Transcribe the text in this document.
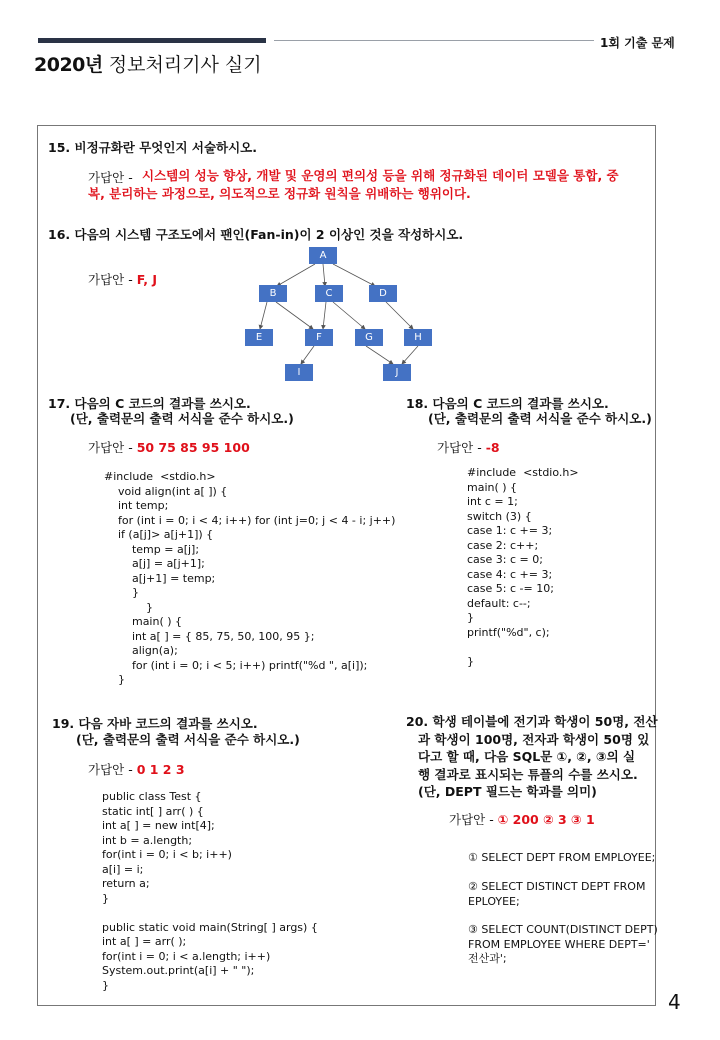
1회 기출 문제
2020년 정보처리기사 실기
15. 비정규화란 무엇인지 서술하시오.
가답안 - 시스템의 성능 향상, 개발 및 운영의 편의성 등을 위해 정규화된 데이터 모델을 통합, 중
복, 분리하는 과정으로, 의도적으로 정규화 원칙을 위배하는 행위이다.
16. 다음의 시스템 구조도에서 팬인(Fan-in)이 2 이상인 것을 작성하시오.
가답안 - F, J
A
B	C	D
E	F	G	H
I	J
17. 다음의 C 코드의 결과를 쓰시오.
(단, 출력문의 출력 서식을 준수 하시오.)
가답안 - 50 75 85 95 100
#include  <stdio.h>
void align(int a[ ]) {
int temp;
for (int i = 0; i < 4; i++) for (int j=0; j < 4 - i; j++)
if (a[j]> a[j+1]) {
temp = a[j];
a[j] = a[j+1];
a[j+1] = temp;
}
}
main( ) {
int a[ ] = { 85, 75, 50, 100, 95 };
align(a);
for (int i = 0; i < 5; i++) printf("%d ", a[i]);
}
18. 다음의 C 코드의 결과를 쓰시오.
(단, 출력문의 출력 서식을 준수 하시오.)
가답안 - -8
#include  <stdio.h>
main( ) {
int c = 1;
switch (3) {
case 1: c += 3;
case 2: c++;
case 3: c = 0;
case 4: c += 3;
case 5: c -= 10;
default: c--;
}
printf("%d", c);

}
19. 다음 자바 코드의 결과를 쓰시오.
(단, 출력문의 출력 서식을 준수 하시오.)
가답안 - 0 1 2 3
public class Test {
static int[ ] arr( ) {
int a[ ] = new int[4];
int b = a.length;
for(int i = 0; i < b; i++)
a[i] = i;
return a;
}

public static void main(String[ ] args) {
int a[ ] = arr( );
for(int i = 0; i < a.length; i++)
System.out.print(a[i] + " ");
}
20. 학생 테이블에 전기과 학생이 50명, 전산
과 학생이 100명, 전자과 학생이 50명 있
다고 할 때, 다음 SQL문 ①, ②, ③의 실
행 결과로 표시되는 튜플의 수를 쓰시오.
(단, DEPT 필드는 학과를 의미)
가답안 - ① 200 ② 3 ③ 1
① SELECT DEPT FROM EMPLOYEE;
② SELECT DISTINCT DEPT FROM
EPLOYEE;
③ SELECT COUNT(DISTINCT DEPT)
FROM EMPLOYEE WHERE DEPT='
전산과';
4
